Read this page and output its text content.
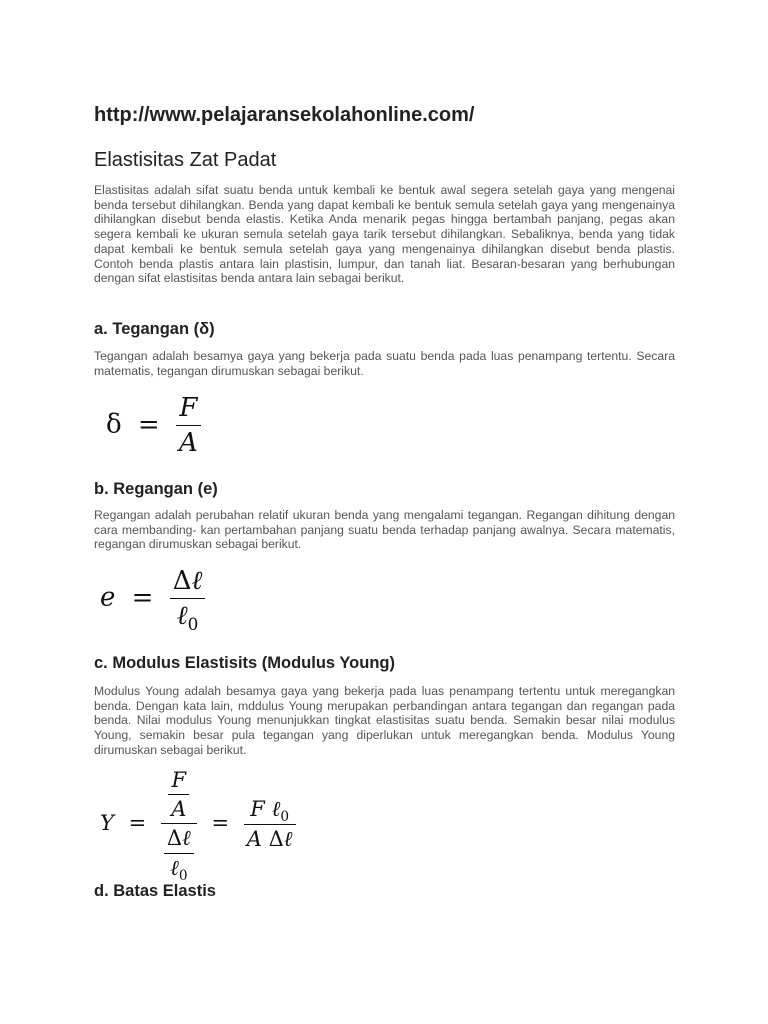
http://www.pelajaransekolahonline.com/
Elastisitas Zat Padat

Elastisitas adalah sifat suatu benda untuk kembali ke bentuk awal segera setelah gaya yang mengenai benda tersebut dihilangkan. Benda yang dapat kembali ke bentuk semula setelah gaya yang mengenainya dihilangkan disebut benda elastis. Ketika Anda menarik pegas hingga bertambah panjang, pegas akan segera kembali ke ukuran semula setelah gaya tarik tersebut dihilangkan. Sebaliknya, benda yang tidak dapat kembali ke bentuk semula setelah gaya yang mengenainya dihilangkan disebut benda plastis. Contoh benda plastis antara lain plastisin, lumpur, dan tanah liat. Besaran-besaran yang berhubungan dengan sifat elastisitas benda antara lain sebagai berikut.

a. Tegangan (δ)

Tegangan adalah besamya gaya yang bekerja pada suatu benda pada luas penampang tertentu. Secara matematis, tegangan dirumuskan sebagai berikut.

$\delta = \frac{F}{A}$
b. Regangan (e)

Regangan adalah perubahan relatif ukuran benda yang mengalami tegangan. Regangan dihitung dengan cara membanding- kan pertambahan panjang suatu benda terhadap panjang awalnya. Secara matematis, regangan dirumuskan sebagai berikut.

$e = \frac{\text{Δℓ}}{\ell_0}$
c. Modulus Elastisits (Modulus Young)

Modulus Young adalah besamya gaya yang bekerja pada luas penampang tertentu untuk meregangkan benda. Dengan kata lain, mddulus Young merupakan perbandingan antara tegangan dan regangan pada benda. Nilai modulus Young menunjukkan tingkat elastisitas suatu benda. Semakin besar nilai modulus Young, semakin besar pula tegangan yang diperlukan untuk meregangkan benda. Modulus Young dirumuskan sebagai berikut.

$Y = \frac{\frac{F}{A}}{\frac{\text{Δℓ}}{\ell_0}} = \frac{F \ell_0}{\text{A Δℓ}}$
d. Batas Elastis
